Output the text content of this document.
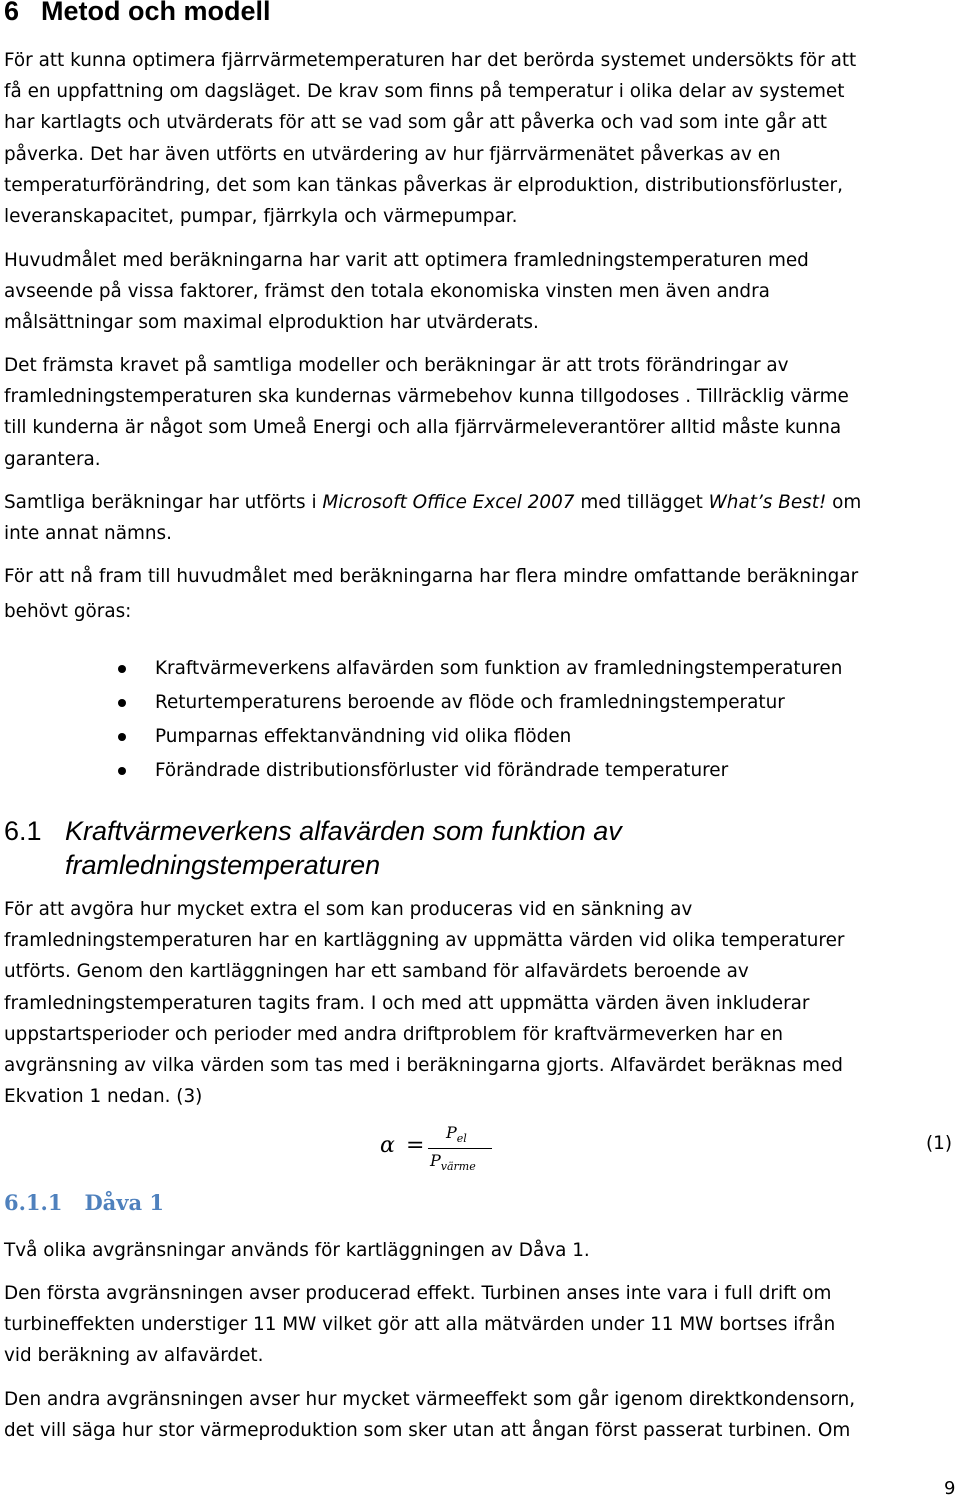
6 Metod och modell
För att kunna optimera fjärrvärmetemperaturen har det berörda systemet undersökts för att
få en uppfattning om dagsläget. De krav som finns på temperatur i olika delar av systemet
har kartlagts och utvärderats för att se vad som går att påverka och vad som inte går att
påverka. Det har även utförts en utvärdering av hur fjärrvärmenätet påverkas av en
temperaturförändring, det som kan tänkas påverkas är elproduktion, distributionsförluster,
leveranskapacitet, pumpar, fjärrkyla och värmepumpar.
Huvudmålet med beräkningarna har varit att optimera framledningstemperaturen med
avseende på vissa faktorer, främst den totala ekonomiska vinsten men även andra
målsättningar som maximal elproduktion har utvärderats.
Det främsta kravet på samtliga modeller och beräkningar är att trots förändringar av
framledningstemperaturen ska kundernas värmebehov kunna tillgodoses . Tillräcklig värme
till kunderna är något som Umeå Energi och alla fjärrvärmeleverantörer alltid måste kunna
garantera.
Samtliga beräkningar har utförts i Microsoft Office Excel 2007 med tillägget What’s Best! om
inte annat nämns.
För att nå fram till huvudmålet med beräkningarna har flera mindre omfattande beräkningar
behövt göras:
Kraftvärmeverkens alfavärden som funktion av framledningstemperaturen
Returtemperaturens beroende av flöde och framledningstemperatur
Pumparnas effektanvändning vid olika flöden
Förändrade distributionsförluster vid förändrade temperaturer
6.1 Kraftvärmeverkens alfavärden som funktion av
framledningstemperaturen
För att avgöra hur mycket extra el som kan produceras vid en sänkning av
framledningstemperaturen har en kartläggning av uppmätta värden vid olika temperaturer
utförts. Genom den kartläggningen har ett samband för alfavärdets beroende av
framledningstemperaturen tagits fram. I och med att uppmätta värden även inkluderar
uppstartsperioder och perioder med andra driftproblem för kraftvärmeverken har en
avgränsning av vilka värden som tas med i beräkningarna gjorts. Alfavärdet beräknas med
Ekvation 1 nedan. (3)
α =
$P_{el}$
$P_{värme}$
(1)
6.1.1 Dåva 1
Två olika avgränsningar används för kartläggningen av Dåva 1.
Den första avgränsningen avser producerad effekt. Turbinen anses inte vara i full drift om
turbineffekten understiger 11 MW vilket gör att alla mätvärden under 11 MW bortses ifrån
vid beräkning av alfavärdet.
Den andra avgränsningen avser hur mycket värmeeffekt som går igenom direktkondensorn,
det vill säga hur stor värmeproduktion som sker utan att ångan först passerat turbinen. Om
9
